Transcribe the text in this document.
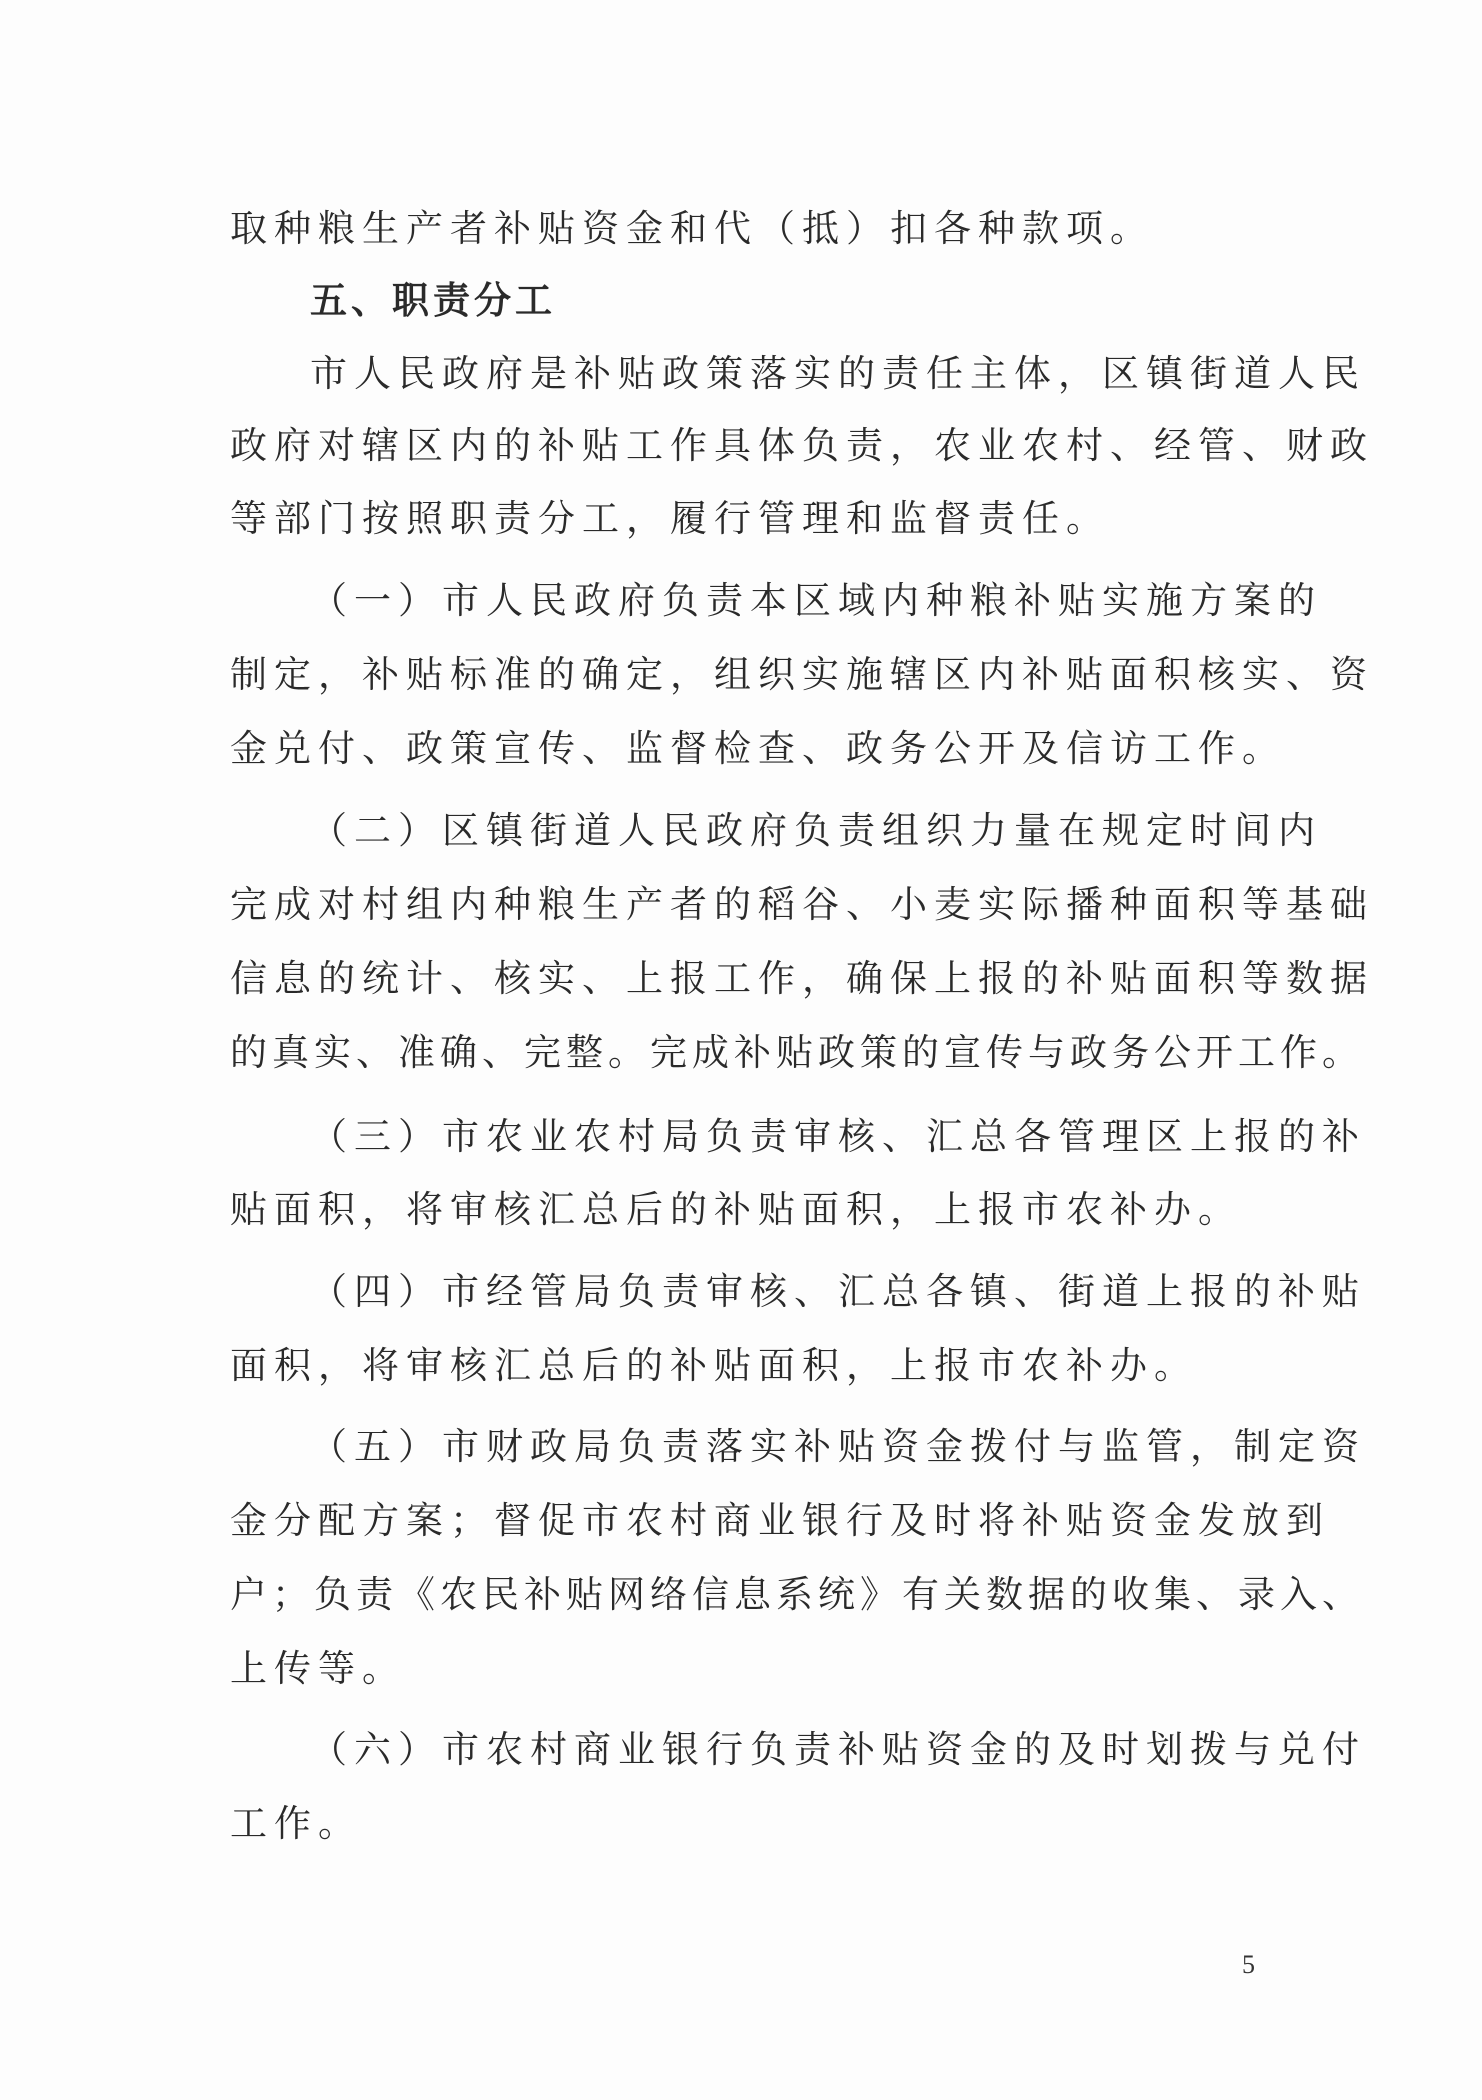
取种粮生产者补贴资金和代（抵）扣各种款项。
五、职责分工
市人民政府是补贴政策落实的责任主体，区镇街道人民
政府对辖区内的补贴工作具体负责，农业农村、经管、财政
等部门按照职责分工，履行管理和监督责任。
（一）市人民政府负责本区域内种粮补贴实施方案的
制定，补贴标准的确定，组织实施辖区内补贴面积核实、资
金兑付、政策宣传、监督检查、政务公开及信访工作。
（二）区镇街道人民政府负责组织力量在规定时间内
完成对村组内种粮生产者的稻谷、小麦实际播种面积等基础
信息的统计、核实、上报工作，确保上报的补贴面积等数据
的真实、准确、完整。完成补贴政策的宣传与政务公开工作。
（三）市农业农村局负责审核、汇总各管理区上报的补
贴面积，将审核汇总后的补贴面积，上报市农补办。
（四）市经管局负责审核、汇总各镇、街道上报的补贴
面积，将审核汇总后的补贴面积，上报市农补办。
（五）市财政局负责落实补贴资金拨付与监管，制定资
金分配方案；督促市农村商业银行及时将补贴资金发放到
户；负责《农民补贴网络信息系统》有关数据的收集、录入、
上传等。
（六）市农村商业银行负责补贴资金的及时划拨与兑付
工作。
5
